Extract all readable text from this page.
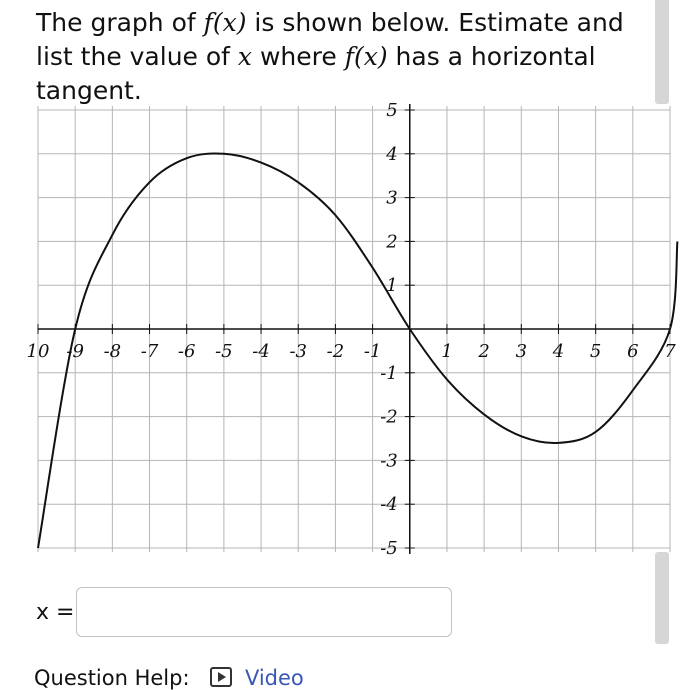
The graph of f(x) is shown below. Estimate and list the value of x where f(x) has a horizontal tangent.

10 -9 -8 -7 -6 -5 -4 -3 -2 -1	1 2 3 4 5 6 7
5
4
3
2
1
-1
-2
-3
-4
-5
x =
Question Help:	Video
